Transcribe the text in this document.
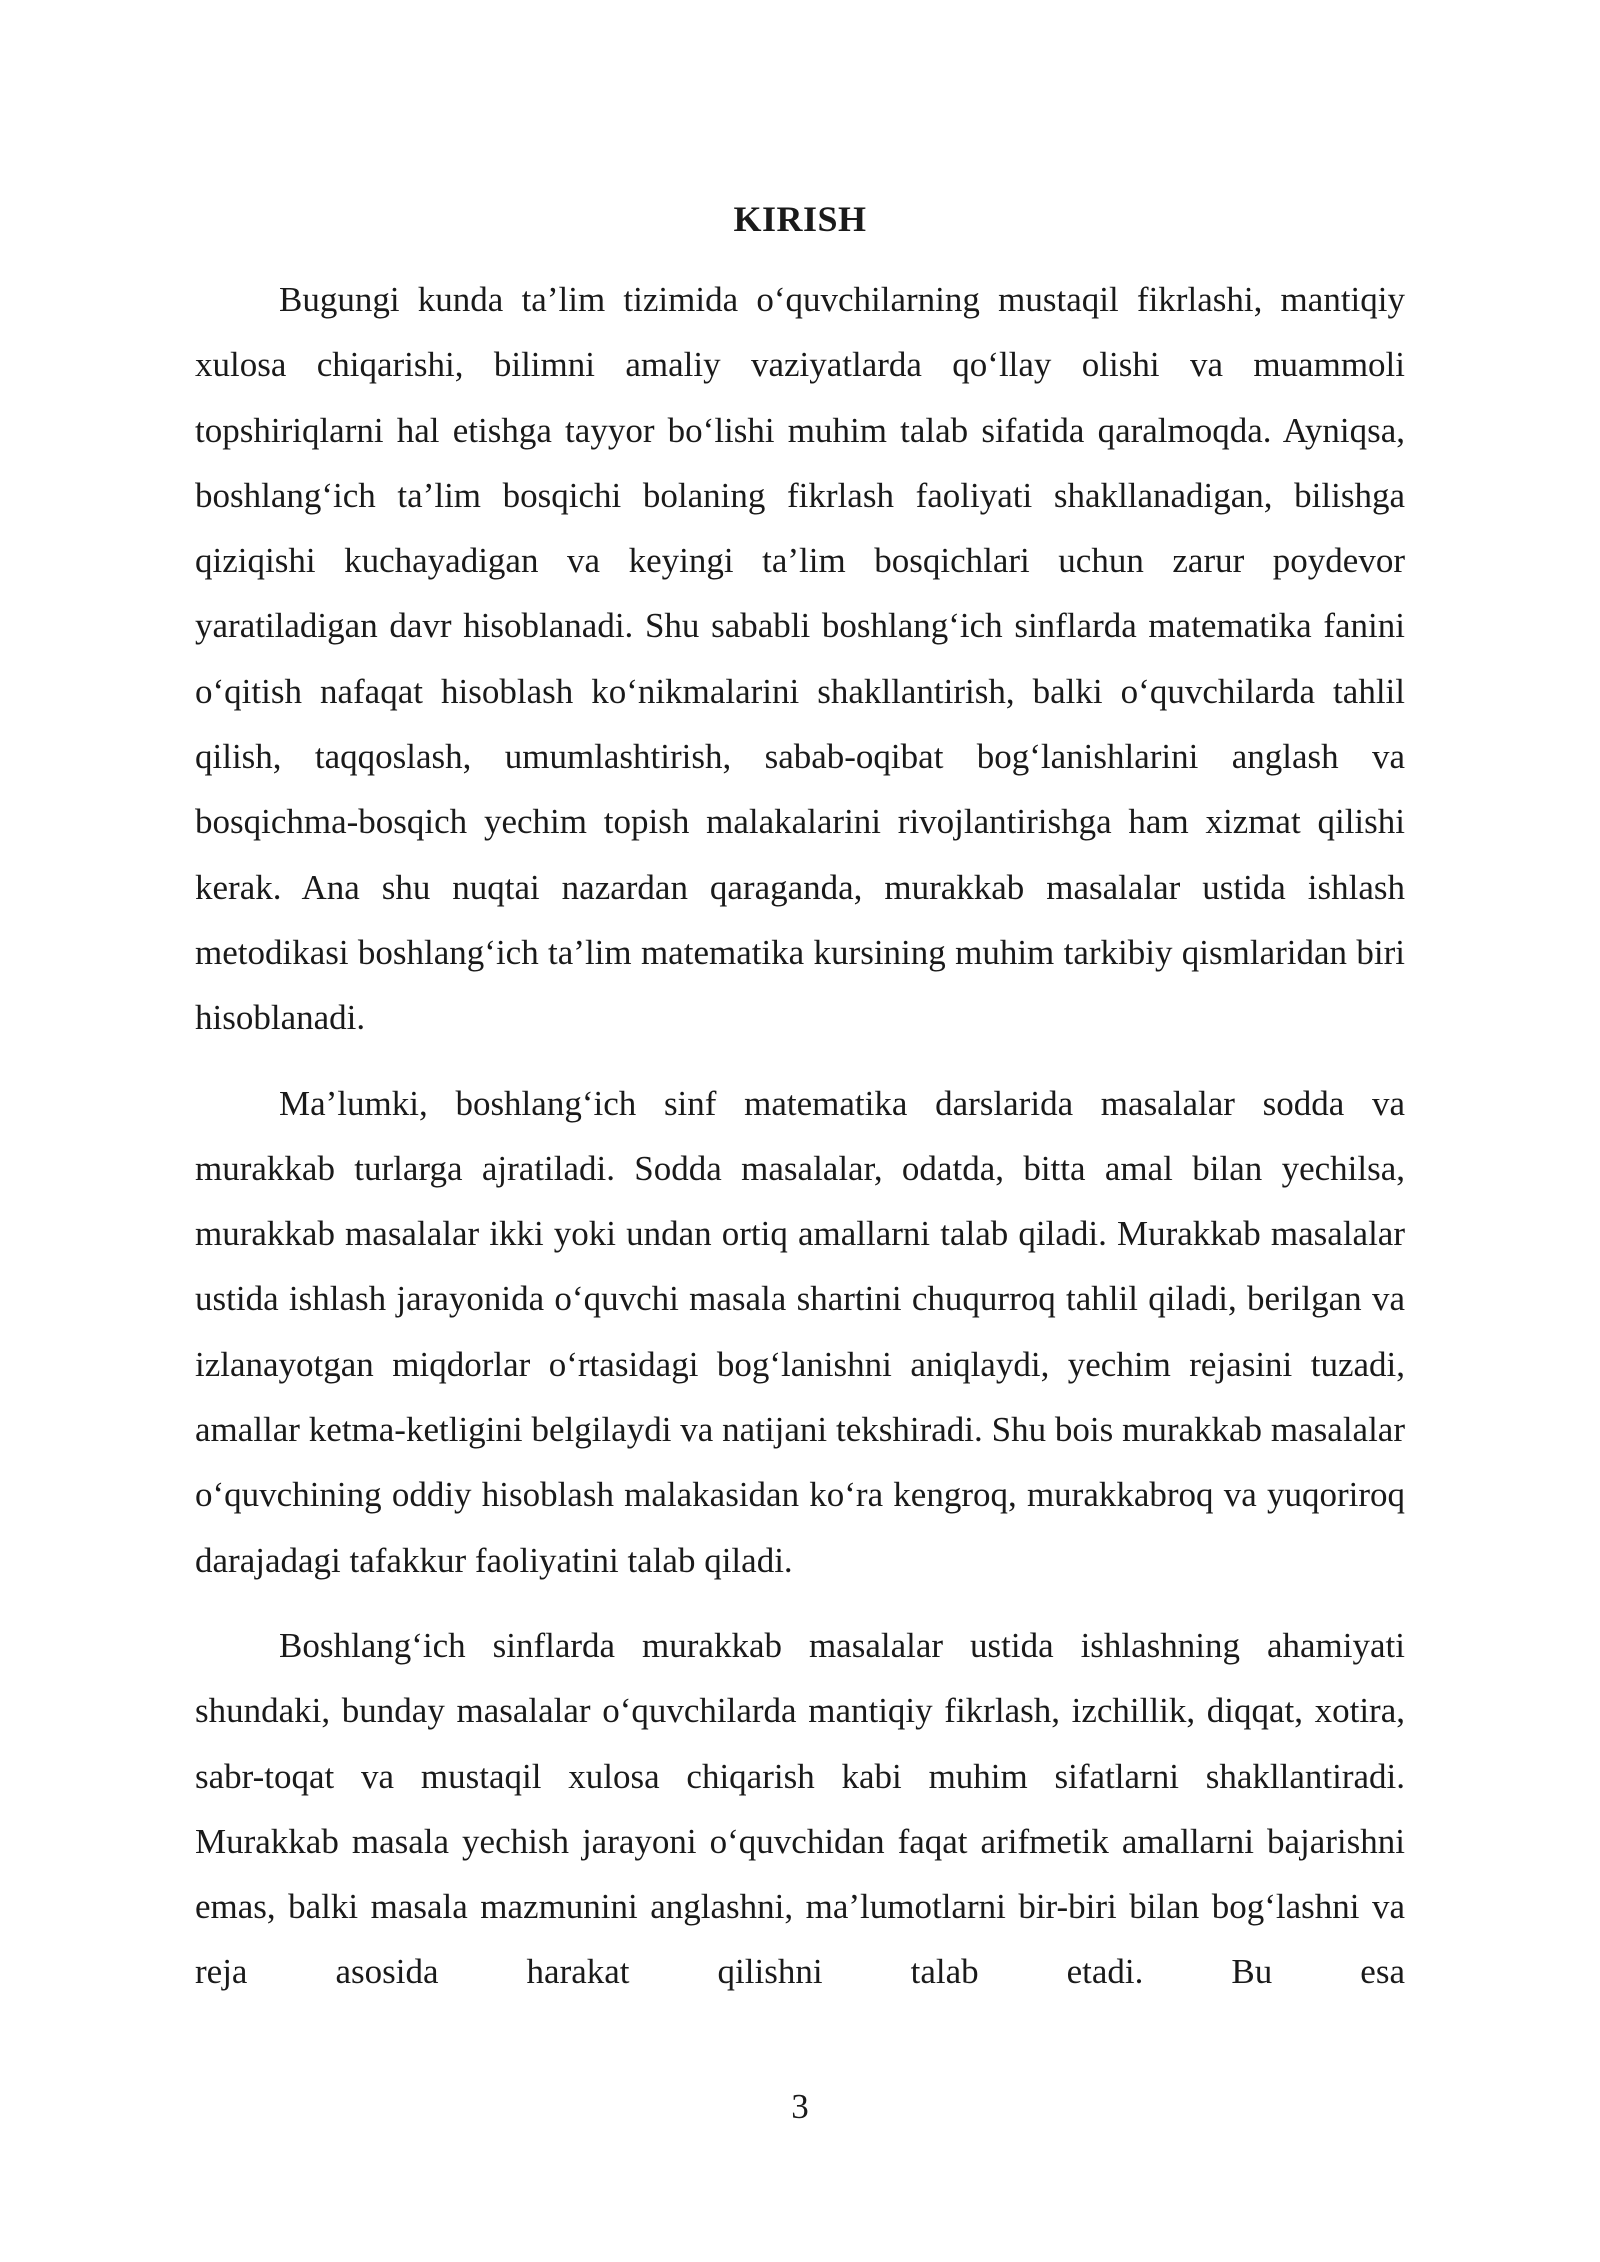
KIRISH

Bugungi kunda ta’lim tizimida o‘quvchilarning mustaqil fikrlashi, mantiqiy xulosa chiqarishi, bilimni amaliy vaziyatlarda qo‘llay olishi va muammoli topshiriqlarni hal etishga tayyor bo‘lishi muhim talab sifatida qaralmoqda. Ayniqsa, boshlang‘ich ta’lim bosqichi bolaning fikrlash faoliyati shakllanadigan, bilishga qiziqishi kuchayadigan va keyingi ta’lim bosqichlari uchun zarur poydevor yaratiladigan davr hisoblanadi. Shu sababli boshlang‘ich sinflarda matematika fanini o‘qitish nafaqat hisoblash ko‘nikmalarini shakllantirish, balki o‘quvchilarda tahlil qilish, taqqoslash, umumlashtirish, sabab-oqibat bog‘lanishlarini anglash va bosqichma-bosqich yechim topish malakalarini rivojlantirishga ham xizmat qilishi kerak. Ana shu nuqtai nazardan qaraganda, murakkab masalalar ustida ishlash metodikasi boshlang‘ich ta’lim matematika kursining muhim tarkibiy qismlaridan biri hisoblanadi.

Ma’lumki, boshlang‘ich sinf matematika darslarida masalalar sodda va murakkab turlarga ajratiladi. Sodda masalalar, odatda, bitta amal bilan yechilsa, murakkab masalalar ikki yoki undan ortiq amallarni talab qiladi. Murakkab masalalar ustida ishlash jarayonida o‘quvchi masala shartini chuqurroq tahlil qiladi, berilgan va izlanayotgan miqdorlar o‘rtasidagi bog‘lanishni aniqlaydi, yechim rejasini tuzadi, amallar ketma-ketligini belgilaydi va natijani tekshiradi. Shu bois murakkab masalalar o‘quvchining oddiy hisoblash malakasidan ko‘ra kengroq, murakkabroq va yuqoriroq darajadagi tafakkur faoliyatini talab qiladi.

Boshlang‘ich sinflarda murakkab masalalar ustida ishlashning ahamiyati shundaki, bunday masalalar o‘quvchilarda mantiqiy fikrlash, izchillik, diqqat, xotira, sabr-toqat va mustaqil xulosa chiqarish kabi muhim sifatlarni shakllantiradi. Murakkab masala yechish jarayoni o‘quvchidan faqat arifmetik amallarni bajarishni emas, balki masala mazmunini anglashni, ma’lumotlarni bir-biri bilan bog‘lashni va reja asosida harakat qilishni talab etadi. Bu esa

3
